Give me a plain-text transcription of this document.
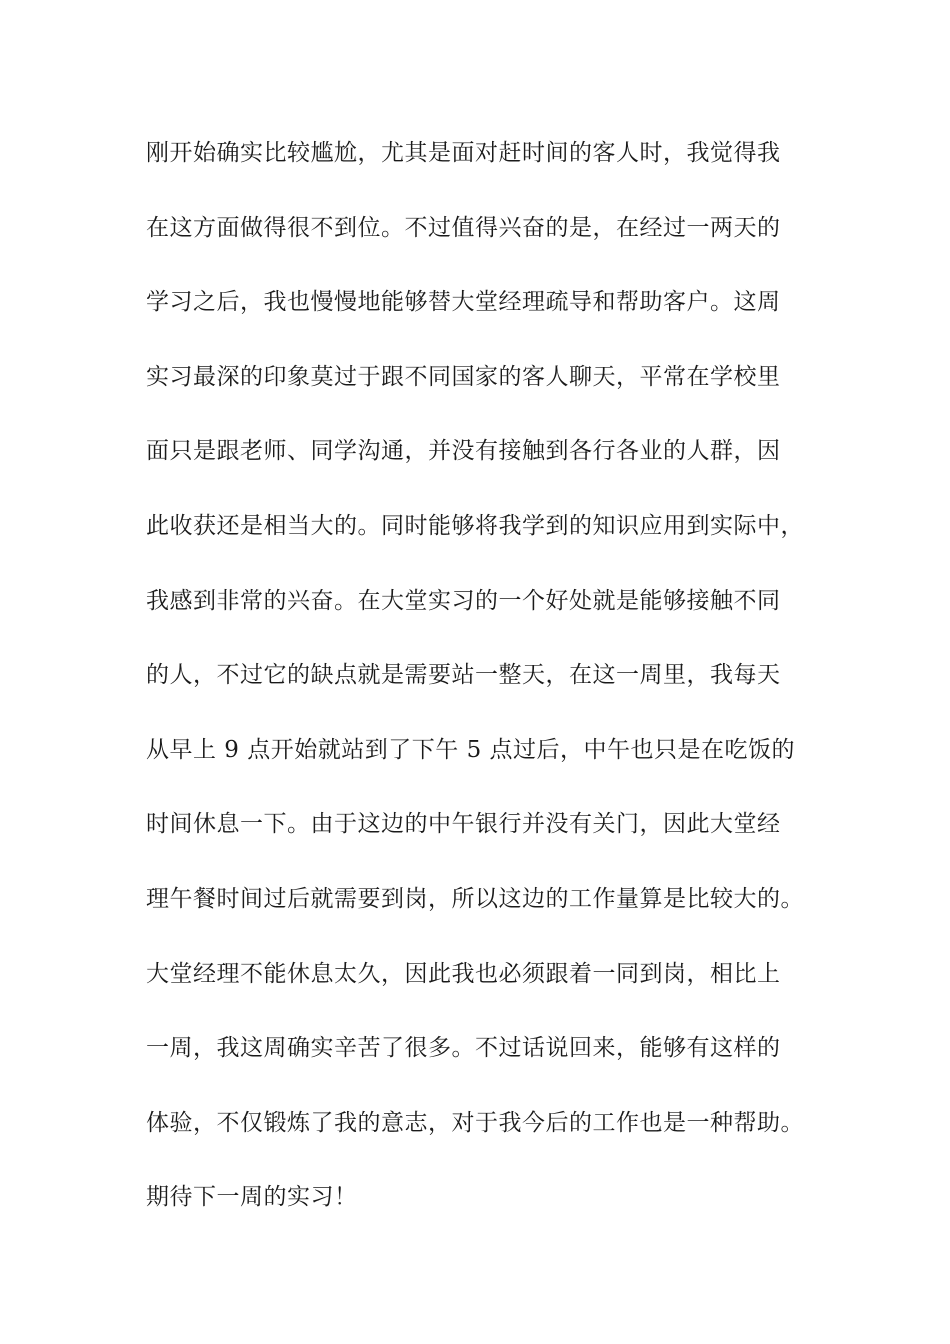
刚开始确实比较尴尬，尤其是面对赶时间的客人时，我觉得我
在这方面做得很不到位。不过值得兴奋的是，在经过一两天的
学习之后，我也慢慢地能够替大堂经理疏导和帮助客户。这周
实习最深的印象莫过于跟不同国家的客人聊天，平常在学校里
面只是跟老师、同学沟通，并没有接触到各行各业的人群，因
此收获还是相当大的。同时能够将我学到的知识应用到实际中，
我感到非常的兴奋。在大堂实习的一个好处就是能够接触不同
的人，不过它的缺点就是需要站一整天，在这一周里，我每天
从早上 9 点开始就站到了下午 5 点过后，中午也只是在吃饭的
时间休息一下。由于这边的中午银行并没有关门，因此大堂经
理午餐时间过后就需要到岗，所以这边的工作量算是比较大的。
大堂经理不能休息太久，因此我也必须跟着一同到岗，相比上
一周，我这周确实辛苦了很多。不过话说回来，能够有这样的
体验，不仅锻炼了我的意志，对于我今后的工作也是一种帮助。
期待下一周的实习！
